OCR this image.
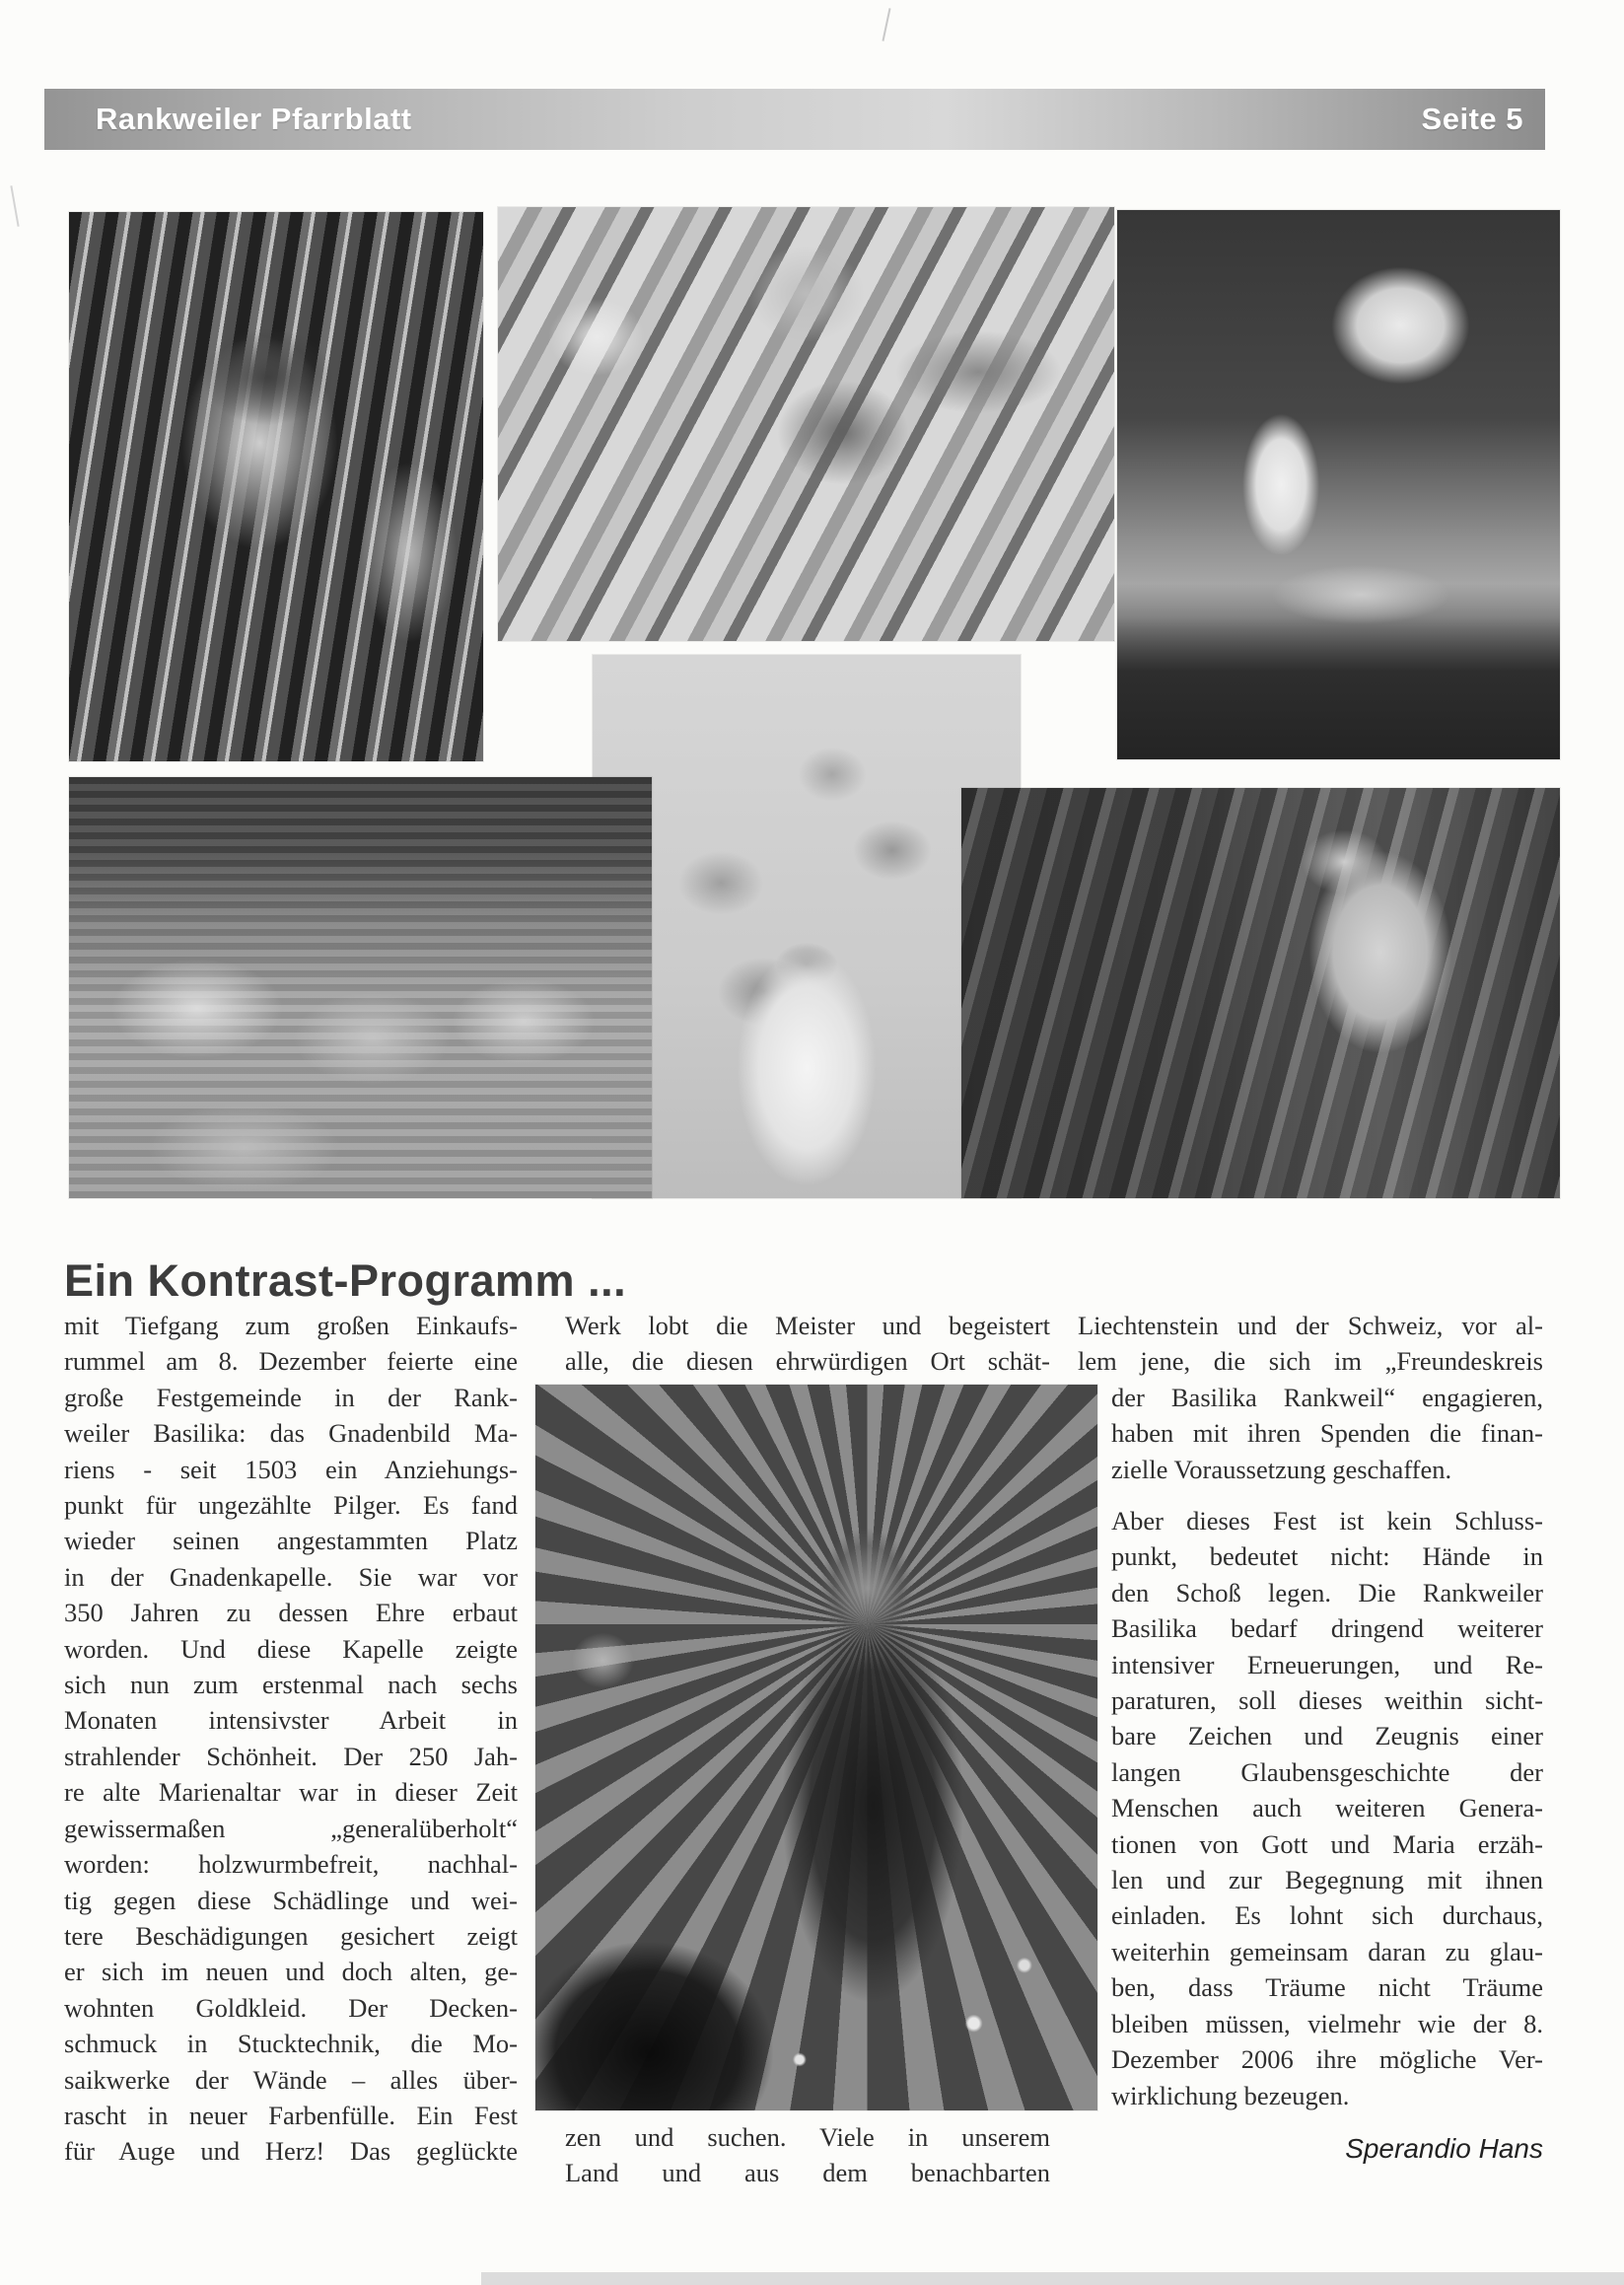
Rankweiler Pfarrblatt	Seite 5
Ein Kontrast-Programm ...
mit Tiefgang zum großen Einkaufs-
rummel am 8. Dezember feierte eine
große Festgemeinde in der Rank-
weiler Basilika: das Gnadenbild Ma-
riens - seit 1503 ein Anziehungs-
punkt für ungezählte Pilger. Es fand
wieder seinen angestammten Platz
in der Gnadenkapelle. Sie war vor
350 Jahren zu dessen Ehre erbaut
worden. Und diese Kapelle zeigte
sich nun zum erstenmal nach sechs
Monaten intensivster Arbeit in
strahlender Schönheit. Der 250 Jah-
re alte Marienaltar war in dieser Zeit
gewissermaßen „generalüberholt“
worden: holzwurmbefreit, nachhal-
tig gegen diese Schädlinge und wei-
tere Beschädigungen gesichert zeigt
er sich im neuen und doch alten, ge-
wohnten Goldkleid. Der Decken-
schmuck in Stucktechnik, die Mo-
saikwerke der Wände – alles über-
rascht in neuer Farbenfülle. Ein Fest
für Auge und Herz! Das geglückte
Werk lobt die Meister und begeistert
alle, die diesen ehrwürdigen Ort schät-
zen und suchen. Viele in unserem
Land und aus dem benachbarten
Liechtenstein und der Schweiz, vor al-
lem jene, die sich im „Freundeskreis
der Basilika Rankweil“ engagieren,
haben mit ihren Spenden die finan-
zielle Voraussetzung geschaffen.
Aber dieses Fest ist kein Schluss-
punkt, bedeutet nicht: Hände in
den Schoß legen. Die Rankweiler
Basilika bedarf dringend weiterer
intensiver Erneuerungen, und Re-
paraturen, soll dieses weithin sicht-
bare Zeichen und Zeugnis einer
langen Glaubensgeschichte der
Menschen auch weiteren Genera-
tionen von Gott und Maria erzäh-
len und zur Begegnung mit ihnen
einladen. Es lohnt sich durchaus,
weiterhin gemeinsam daran zu glau-
ben, dass Träume nicht Träume
bleiben müssen, vielmehr wie der 8.
Dezember 2006 ihre mögliche Ver-
wirklichung bezeugen.
Sperandio Hans
